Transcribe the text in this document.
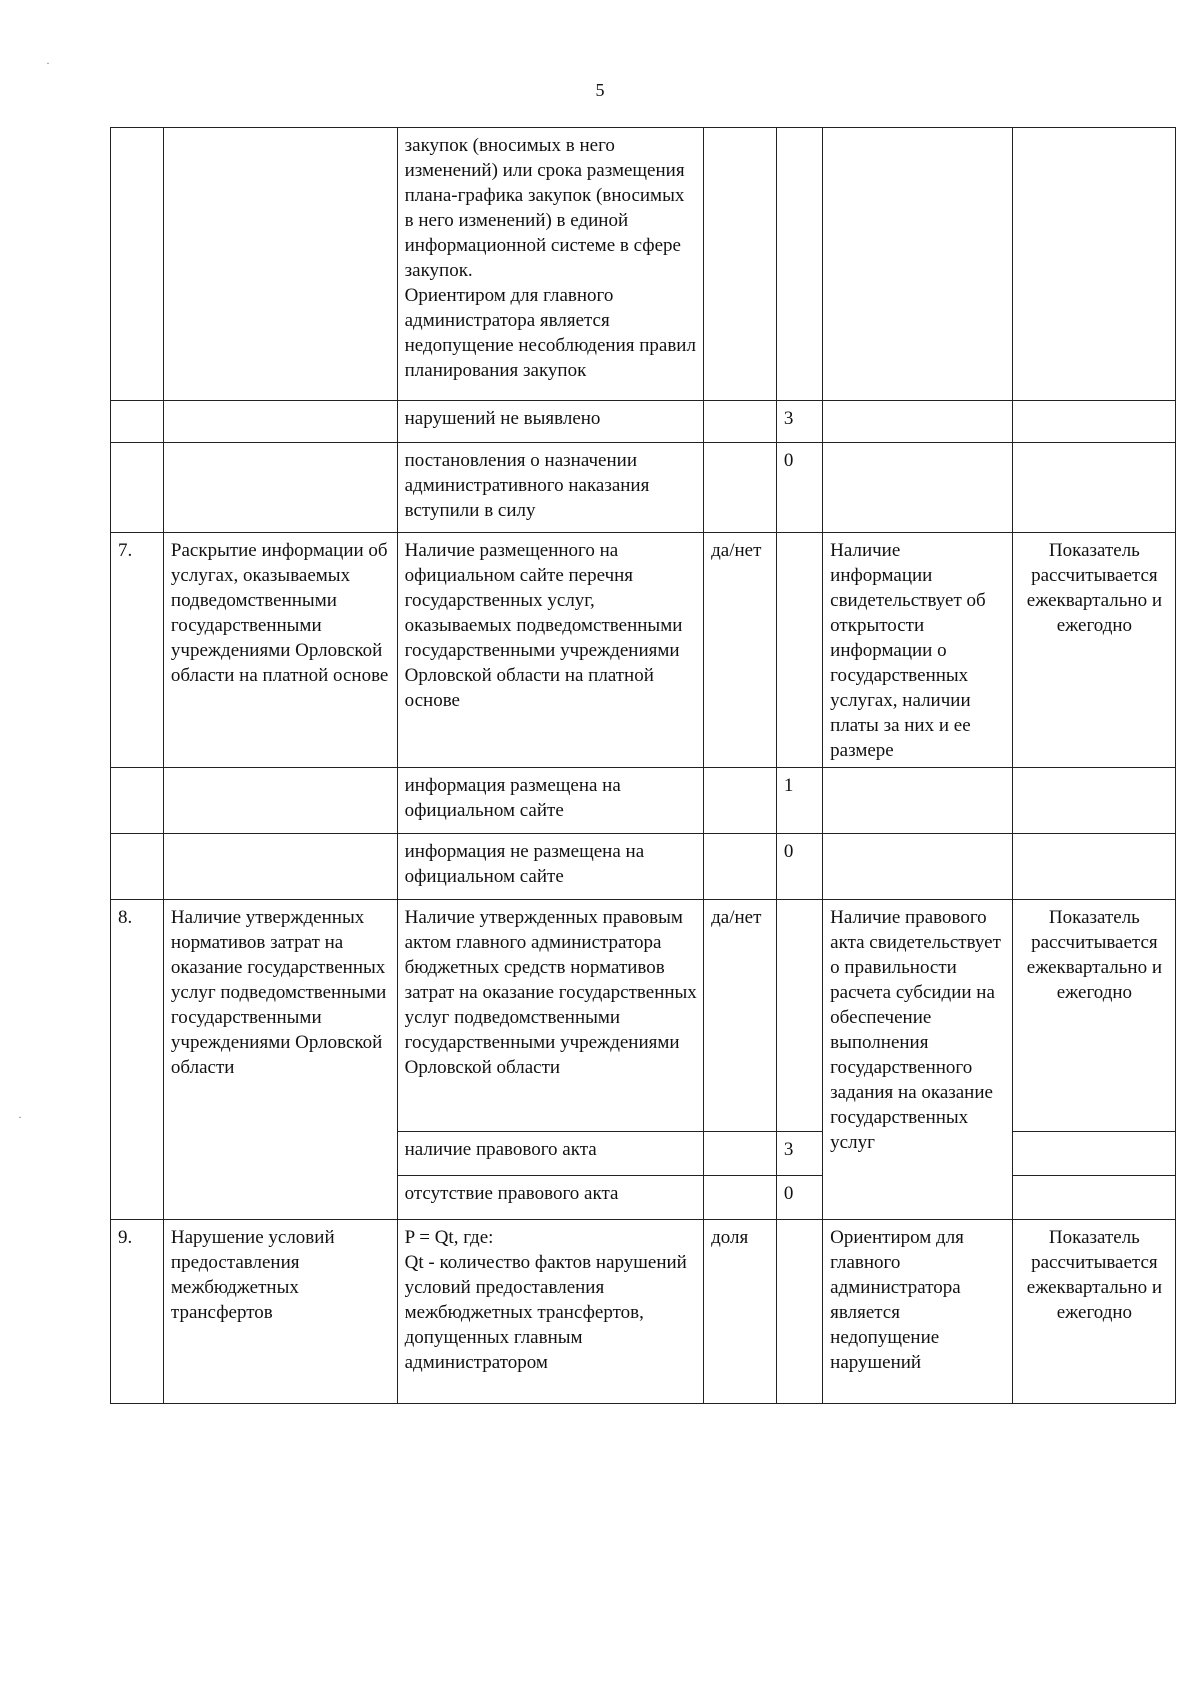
5
·
·
		закупок (вносимых в него изменений) или срока размещения плана-графика закупок (вносимых в него изменений) в единой информационной системе в сфере закупок.
Ориентиром для главного администратора является недопущение несоблюдения правил планирования закупок				
		нарушений не выявлено		3		
		постановления о назначении административного наказания вступили в силу		0		
7.	Раскрытие информации об услугах, оказываемых подведомственными государственными учреждениями Орловской области на платной основе	Наличие размещенного на официальном сайте перечня государственных услуг, оказываемых подведомственными государственными учреждениями Орловской области на платной основе	да/нет		Наличие информации свидетельствует об открытости информации о государственных услугах, наличии платы за них и ее размере	Показатель рассчитывается ежеквартально и ежегодно
		информация размещена на официальном сайте		1		
		информация не размещена на официальном сайте		0		
8.	Наличие утвержденных нормативов затрат на оказание государственных услуг подведомственными государственными учреждениями Орловской области	Наличие утвержденных правовым актом главного администратора бюджетных средств нормативов затрат на оказание государственных услуг подведомственными государственными учреждениями Орловской области	да/нет		Наличие правового акта свидетельствует о правильности расчета субсидии на обеспечение выполнения государственного задания на оказание государственных услуг	Показатель рассчитывается ежеквартально и ежегодно
		наличие правового акта		3		
		отсутствие правового акта		0		
9.	Нарушение условий предоставления межбюджетных трансфертов	P = Qt, где:
Qt - количество фактов нарушений условий предоставления межбюджетных трансфертов, допущенных главным администратором	доля		Ориентиром для главного администратора является недопущение нарушений	Показатель рассчитывается ежеквартально и ежегодно
